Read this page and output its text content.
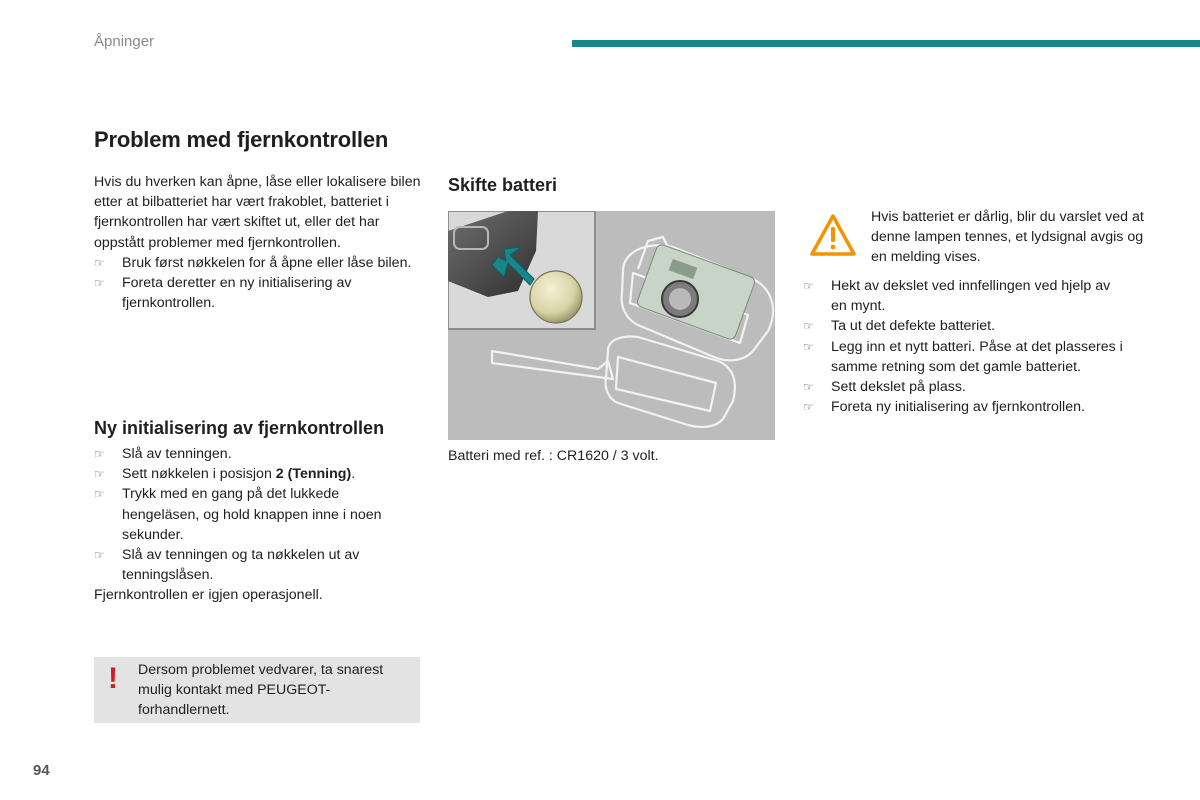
Åpninger
Problem med fjernkontrollen

Hvis du hverken kan åpne, låse eller lokalisere bilen etter at bilbatteriet har vært frakoblet, batteriet i fjernkontrollen har vært skiftet ut, eller det har oppstått problemer med fjernkontrollen.

☞ Bruk først nøkkelen for å åpne eller låse bilen.
☞ Foreta deretter en ny initialisering av fjernkontrollen.
Ny initialisering av fjernkontrollen
☞ Slå av tenningen.
☞ Sett nøkkelen i posisjon 2 (Tenning).
☞ Trykk med en gang på det lukkede hengeläsen, og hold knappen inne i noen sekunder.
☞ Slå av tenningen og ta nøkkelen ut av tenningslåsen.

Fjernkontrollen er igjen operasjonell.

! Dersom problemet vedvarer, ta snarest mulig kontakt med PEUGEOT-forhandlernett.
Skifte batteri
Batteri med ref. : CR1620 / 3 volt.
Hvis batteriet er dårlig, blir du varslet ved at denne lampen tennes, et lydsignal avgis og en melding vises.
☞ Hekt av dekslet ved innfellingen ved hjelp av en mynt.
☞ Ta ut det defekte batteriet.
☞ Legg inn et nytt batteri. Påse at det plasseres i samme retning som det gamle batteriet.
☞ Sett dekslet på plass.
☞ Foreta ny initialisering av fjernkontrollen.
94
